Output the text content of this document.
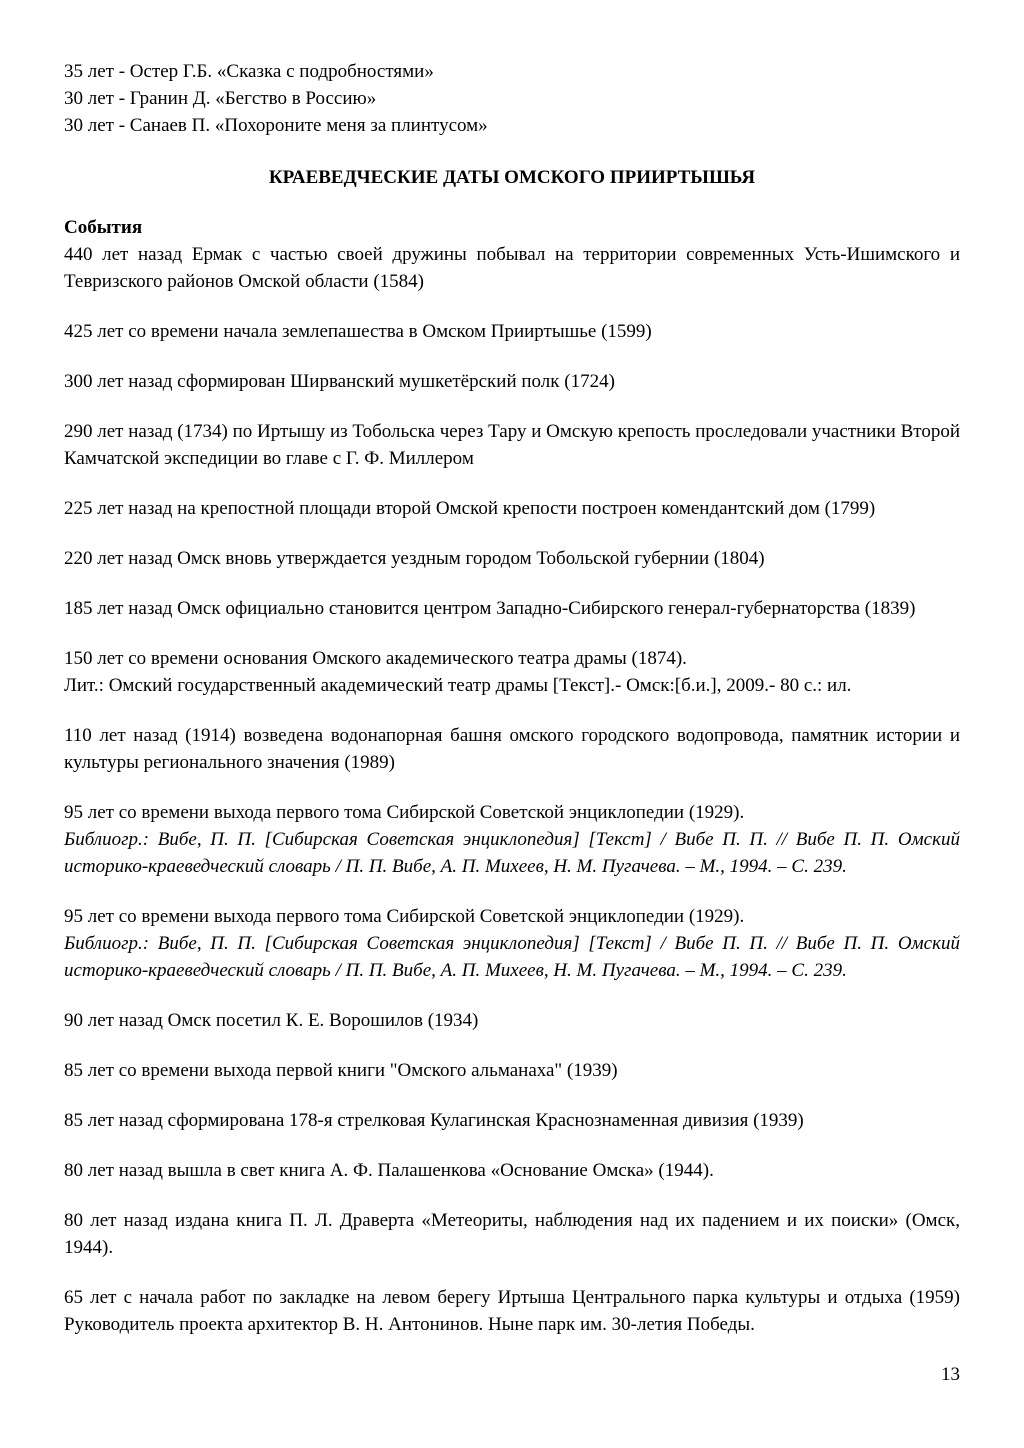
35 лет - Остер Г.Б. «Сказка с подробностями»
30 лет - Гранин Д. «Бегство в Россию»
30 лет - Санаев П. «Похороните меня за плинтусом»
КРАЕВЕДЧЕСКИЕ ДАТЫ ОМСКОГО ПРИИРТЫШЬЯ
События
440 лет назад Ермак с частью своей дружины побывал на территории современных Усть-Ишимского и Тевризского районов Омской области (1584)
425 лет со времени начала землепашества в Омском Прииртышье (1599)
300 лет назад сформирован Ширванский мушкетёрский полк (1724)
290 лет назад (1734) по Иртышу из Тобольска через Тару и Омскую крепость проследовали участники Второй Камчатской экспедиции во главе с Г. Ф. Миллером
225 лет назад на крепостной площади второй Омской крепости построен комендантский дом (1799)
220 лет назад Омск вновь утверждается уездным городом Тобольской губернии (1804)
185 лет назад Омск официально становится центром Западно-Сибирского генерал-губернаторства (1839)
150 лет со времени основания Омского академического театра драмы (1874).
Лит.: Омский государственный академический театр драмы [Текст].- Омск:[б.и.], 2009.- 80 с.: ил.
110 лет назад (1914) возведена водонапорная башня омского городского водопровода, памятник истории и культуры регионального значения (1989)
95 лет со времени выхода первого тома Сибирской Советской энциклопедии (1929).
Библиогр.: Вибе, П. П. [Сибирская Советская энциклопедия] [Текст] / Вибе П. П. // Вибе П. П. Омский историко-краеведческий словарь / П. П. Вибе, А. П. Михеев, Н. М. Пугачева. – М., 1994. – С. 239.
95 лет со времени выхода первого тома Сибирской Советской энциклопедии (1929).
Библиогр.: Вибе, П. П. [Сибирская Советская энциклопедия] [Текст] / Вибе П. П. // Вибе П. П. Омский историко-краеведческий словарь / П. П. Вибе, А. П. Михеев, Н. М. Пугачева. – М., 1994. – С. 239.
90 лет назад Омск посетил К. Е. Ворошилов (1934)
85 лет со времени выхода первой книги "Омского альманаха" (1939)
85 лет назад сформирована 178-я стрелковая Кулагинская Краснознаменная дивизия (1939)
80 лет назад вышла в свет книга А. Ф. Палашенкова «Основание Омска» (1944).
80 лет назад издана книга П. Л. Драверта «Метеориты, наблюдения над их падением и их поиски» (Омск, 1944).
65 лет с начала работ по закладке на левом берегу Иртыша Центрального парка культуры и отдыха (1959) Руководитель проекта архитектор В. Н. Антонинов. Ныне парк им. 30-летия Победы.
13
